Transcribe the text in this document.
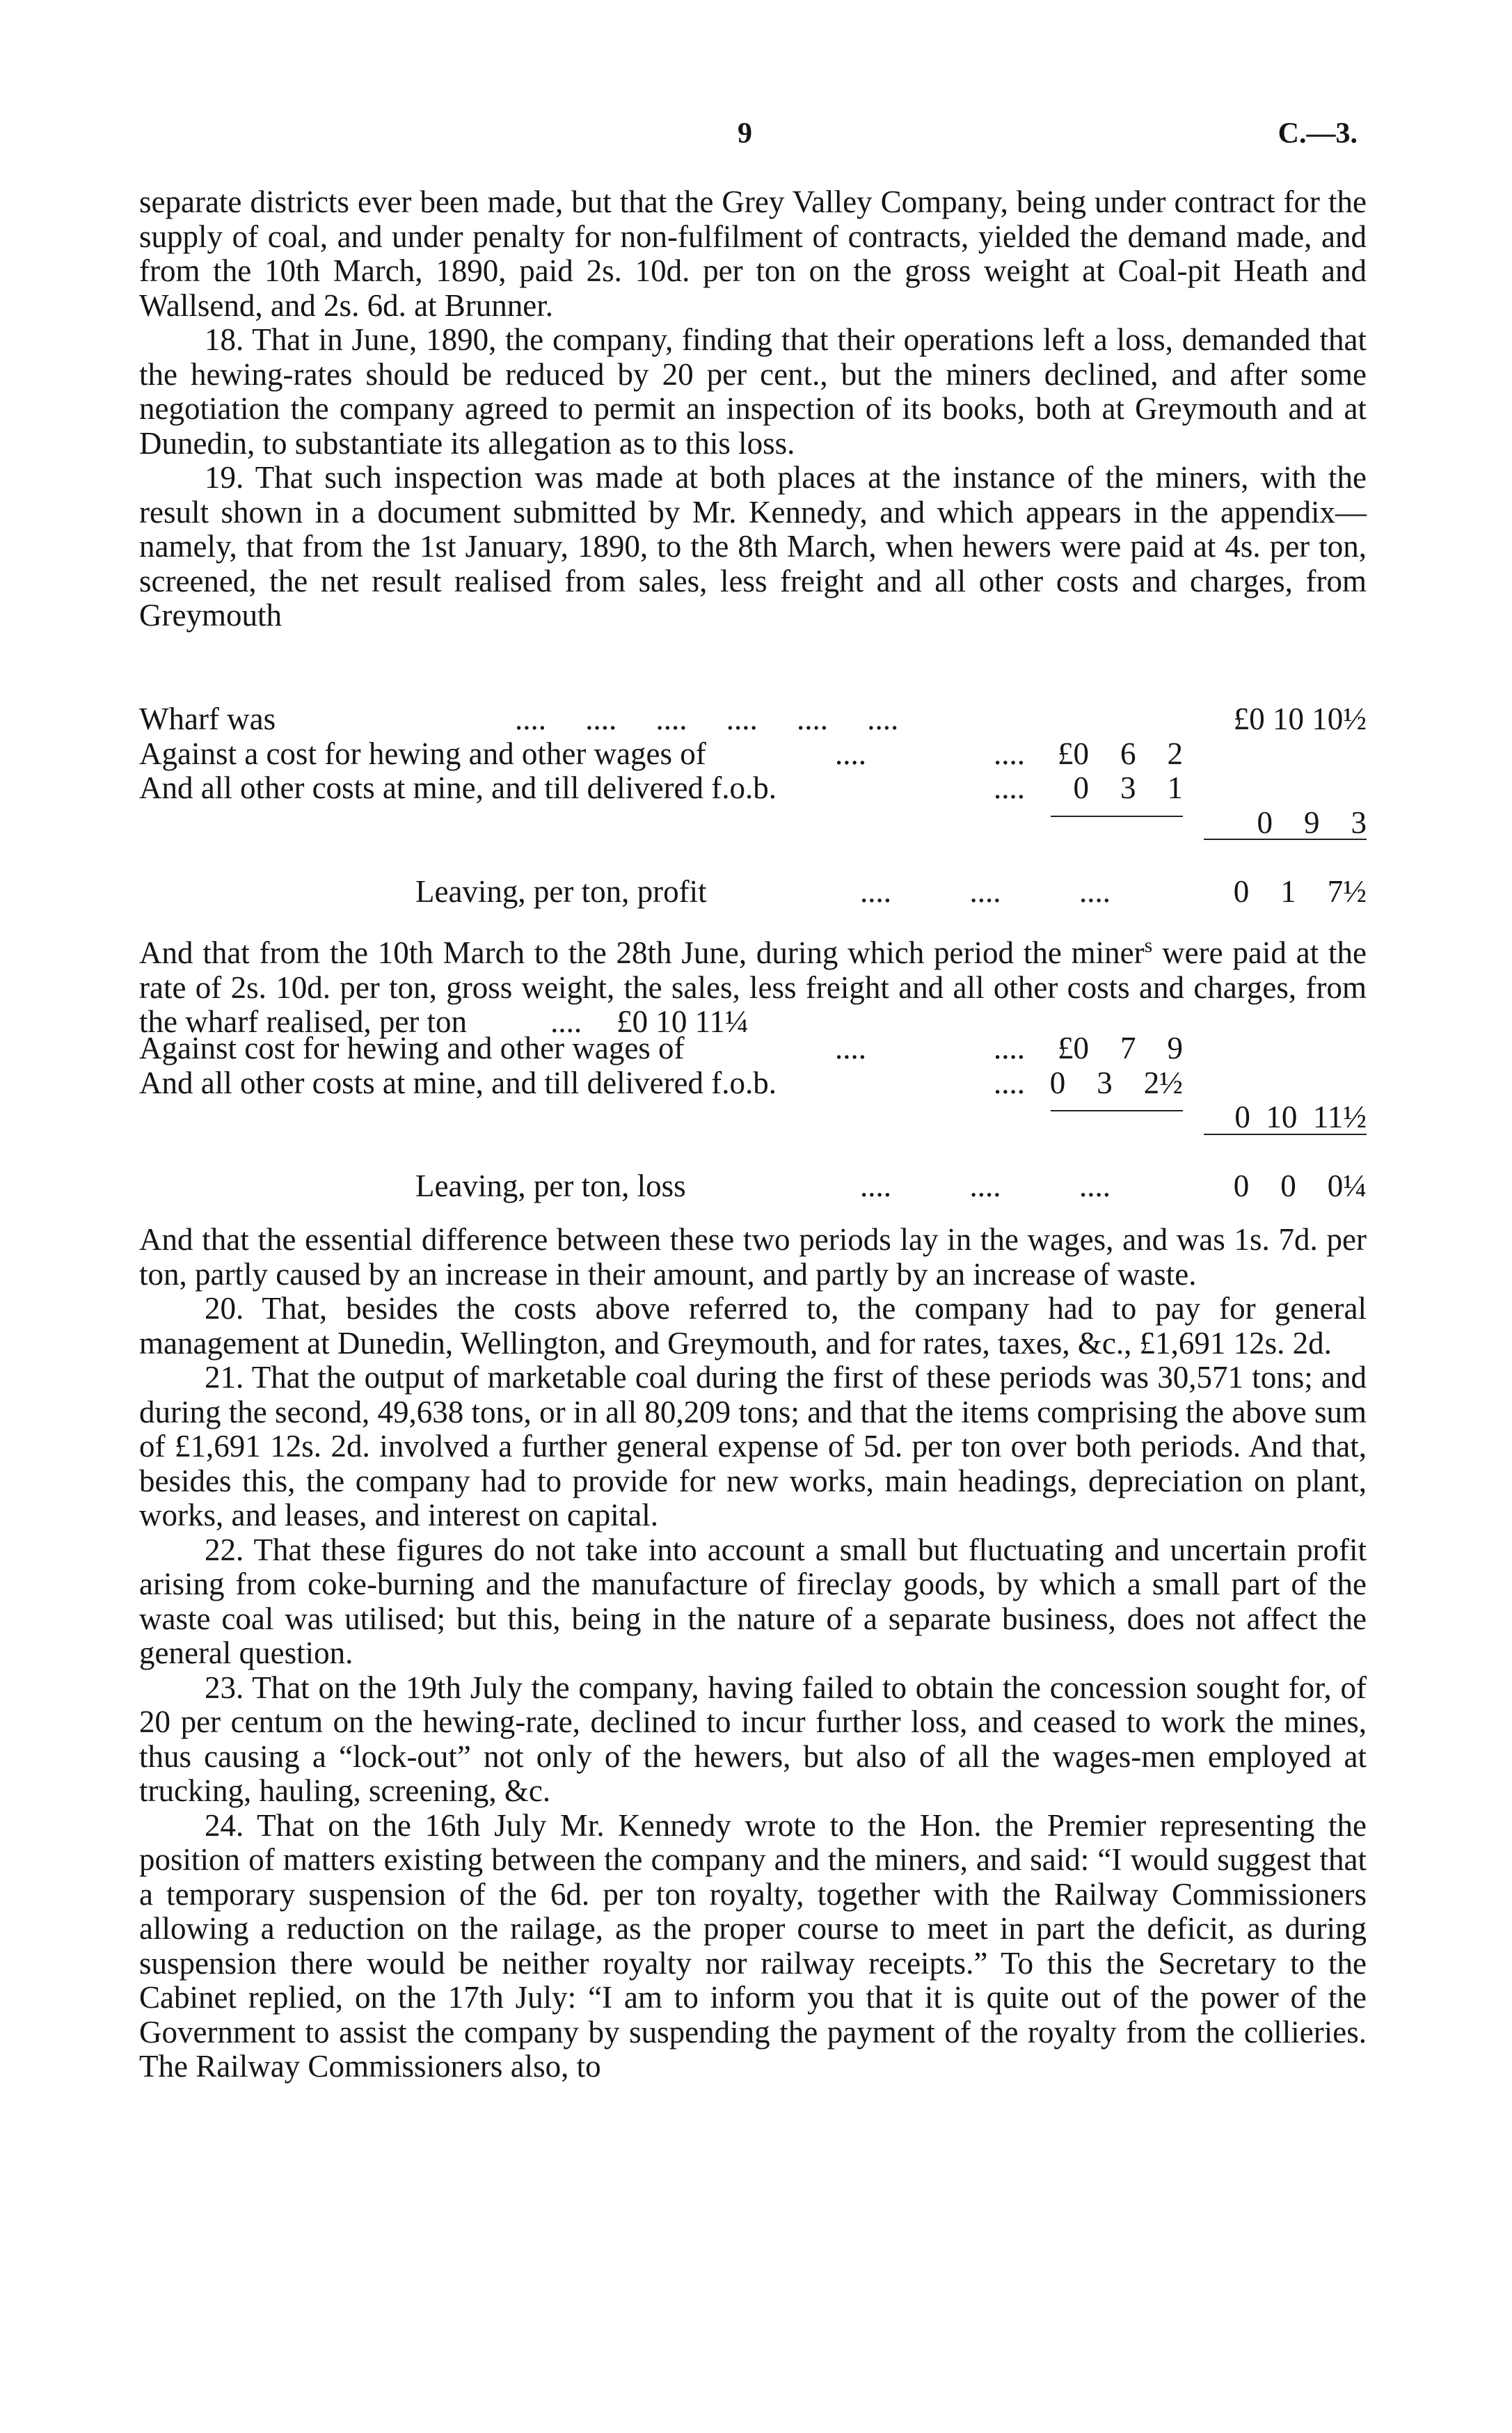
9	C.—3.

separate districts ever been made, but that the Grey Valley Company, being under contract for the supply of coal, and under penalty for non-fulfilment of contracts, yielded the demand made, and from the 10th March, 1890, paid 2s. 10d. per ton on the gross weight at Coal-pit Heath and Wallsend, and 2s. 6d. at Brunner.

18. That in June, 1890, the company, finding that their operations left a loss, demanded that the hewing-rates should be reduced by 20 per cent., but the miners declined, and after some negotiation the company agreed to permit an inspection of its books, both at Greymouth and at Dunedin, to substantiate its allegation as to this loss.

19. That such inspection was made at both places at the instance of the miners, with the result shown in a document submitted by Mr. Kennedy, and which appears in the appendix—namely, that from the 1st January, 1890, to the 8th March, when hewers were paid at 4s. per ton, screened, the net result realised from sales, less freight and all other costs and charges, from Greymouth

Wharf was	....     ....     ....     ....     ....     ....	£0 10 10½
Against a cost for hewing and other wages of	....	....	£0    6    2
And all other costs at mine, and till delivered f.o.b.	....	0    3    1
0    9    3
Leaving, per ton, profit	....          ....          ....	0    1    7½

And that from the 10th March to the 28th June, during which period the miner$^s$ were paid at the rate of 2s. 10d. per ton, gross weight, the sales, less freight and all other costs and charges, from the wharf realised, per ton	.... £0 10 11¼

Against cost for hewing and other wages of	....	....	£0    7    9
And all other costs at mine, and till delivered f.o.b.	.... 0    3    2½
0  10  11½
Leaving, per ton, loss	....          ....          ....	0    0    0¼

And that the essential difference between these two periods lay in the wages, and was 1s. 7d. per ton, partly caused by an increase in their amount, and partly by an increase of waste.

20. That, besides the costs above referred to, the company had to pay for general management at Dunedin, Wellington, and Greymouth, and for rates, taxes, &c., £1,691 12s. 2d.

21. That the output of marketable coal during the first of these periods was 30,571 tons; and during the second, 49,638 tons, or in all 80,209 tons; and that the items comprising the above sum of £1,691 12s. 2d. involved a further general expense of 5d. per ton over both periods. And that, besides this, the company had to provide for new works, main headings, depreciation on plant, works, and leases, and interest on capital.

22. That these figures do not take into account a small but fluctuating and uncertain profit arising from coke-burning and the manufacture of fireclay goods, by which a small part of the waste coal was utilised; but this, being in the nature of a separate business, does not affect the general question.

23. That on the 19th July the company, having failed to obtain the concession sought for, of 20 per centum on the hewing-rate, declined to incur further loss, and ceased to work the mines, thus causing a “lock-out” not only of the hewers, but also of all the wages-men employed at trucking, hauling, screening, &c.

24. That on the 16th July Mr. Kennedy wrote to the Hon. the Premier representing the position of matters existing between the company and the miners, and said: “I would suggest that a temporary suspension of the 6d. per ton royalty, together with the Railway Commissioners allowing a reduction on the railage, as the proper course to meet in part the deficit, as during suspension there would be neither royalty nor railway receipts.” To this the Secretary to the Cabinet replied, on the 17th July: “I am to inform you that it is quite out of the power of the Government to assist the company by suspending the payment of the royalty from the collieries. The Railway Commissioners also, to
